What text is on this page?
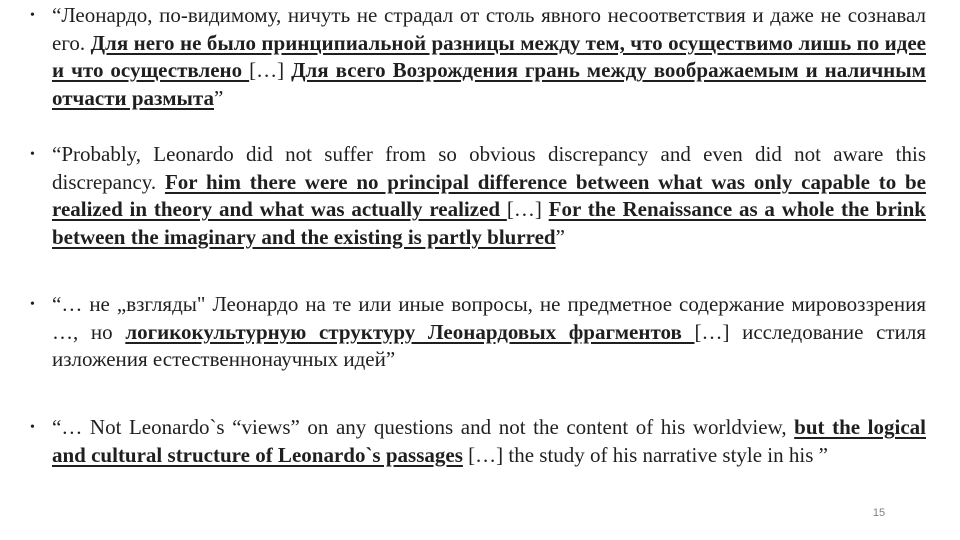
• “Леонардо, по-видимому, ничуть не страдал от столь явного несоответствия и даже не сознавал его. Для него не было принципиальной разницы между тем, что осуществимо лишь по идее и что осуществлено […] Для всего Возрождения грань между воображаемым и наличным отчасти размыта”
• “Probably, Leonardo did not suffer from so obvious discrepancy and even did not aware this discrepancy. For him there were no principal difference between what was only capable to be realized in theory and what was actually realized […] For the Renaissance as a whole the brink between the imaginary and the existing is partly blurred”
• “… не „взгляды" Леонардо на те или иные вопросы, не предметное содержание мировоззрения …, но логикокультурную структуру Леонардовых фрагментов […] исследование стиля изложения естественнонаучных идей”
• “… Not Leonardo`s “views” on any questions and not the content of his worldview, but the logical and cultural structure of Leonardo`s passages […] the study of his narrative style in his ”
15
